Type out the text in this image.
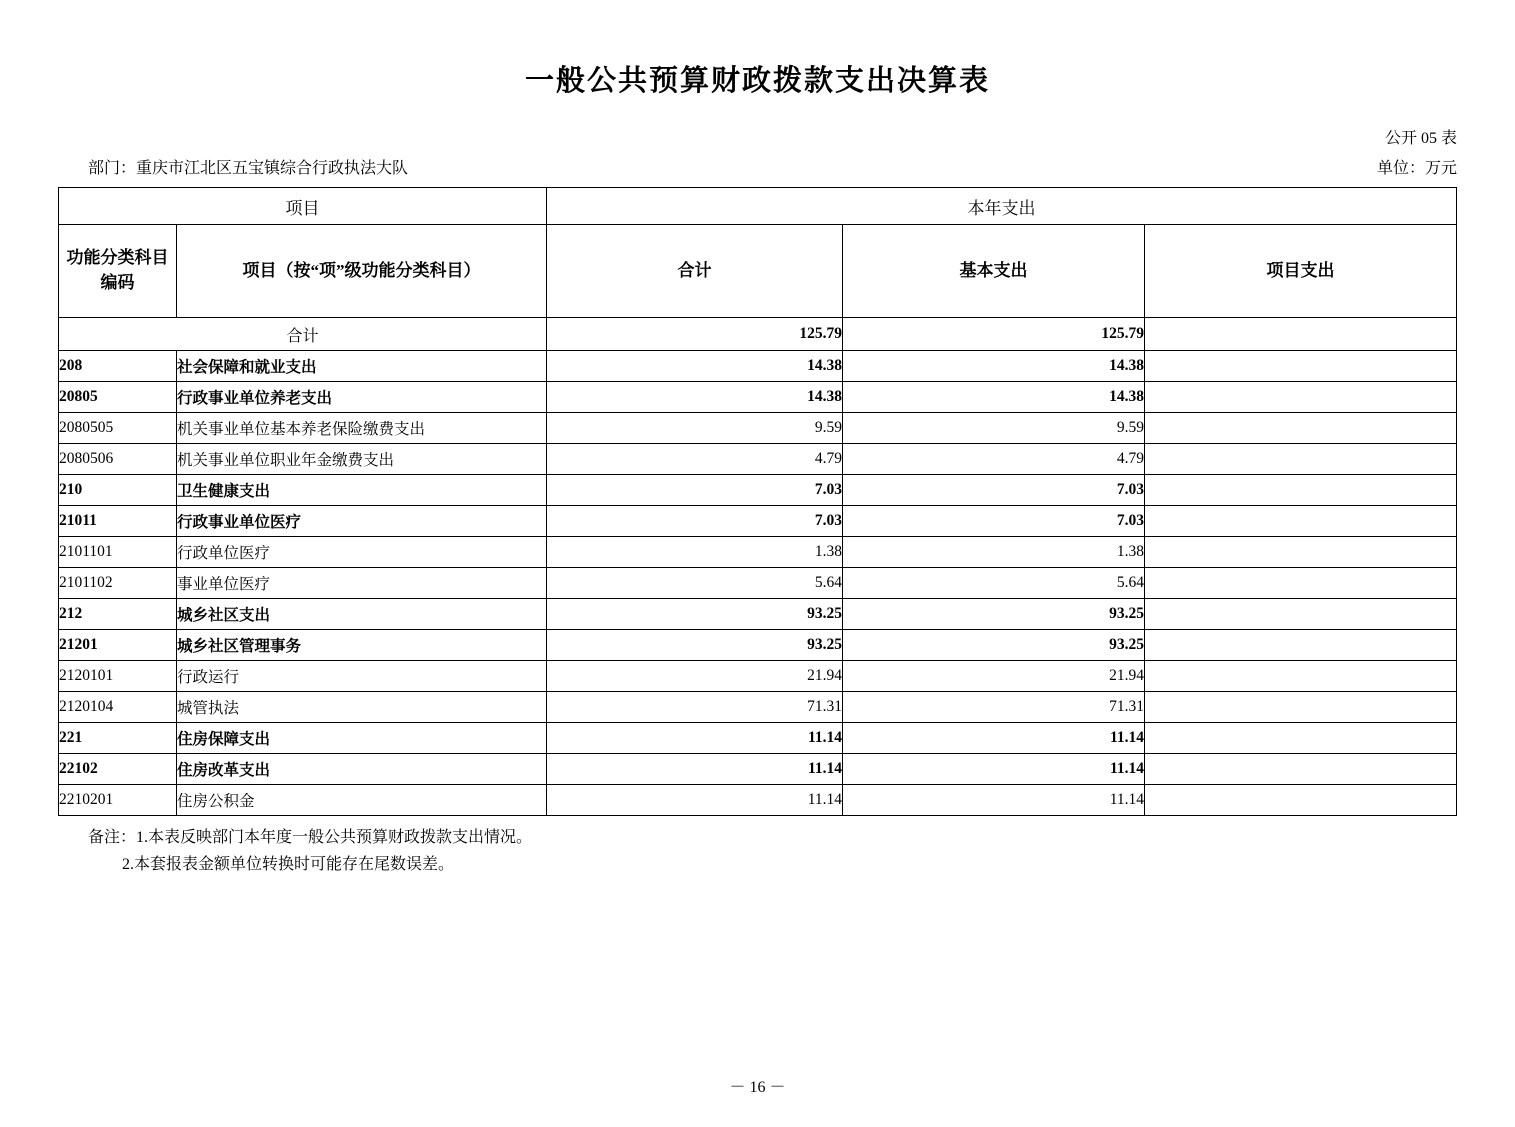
一般公共预算财政拨款支出决算表
公开 05 表
部门：重庆市江北区五宝镇综合行政执法大队	单位：万元
项目		本年支出		
功能分类科目编码	项目（按“项”级功能分类科目）	合计	基本支出	项目支出
合计		125.79	125.79	
208	社会保障和就业支出	14.38	14.38	
20805	行政事业单位养老支出	14.38	14.38	
2080505	机关事业单位基本养老保险缴费支出	9.59	9.59	
2080506	机关事业单位职业年金缴费支出	4.79	4.79	
210	卫生健康支出	7.03	7.03	
21011	行政事业单位医疗	7.03	7.03	
2101101	行政单位医疗	1.38	1.38	
2101102	事业单位医疗	5.64	5.64	
212	城乡社区支出	93.25	93.25	
21201	城乡社区管理事务	93.25	93.25	
2120101	行政运行	21.94	21.94	
2120104	城管执法	71.31	71.31	
221	住房保障支出	11.14	11.14	
22102	住房改革支出	11.14	11.14	
2210201	住房公积金	11.14	11.14	
备注：1.本表反映部门本年度一般公共预算财政拨款支出情况。
2.本套报表金额单位转换时可能存在尾数误差。
－ 16 －
